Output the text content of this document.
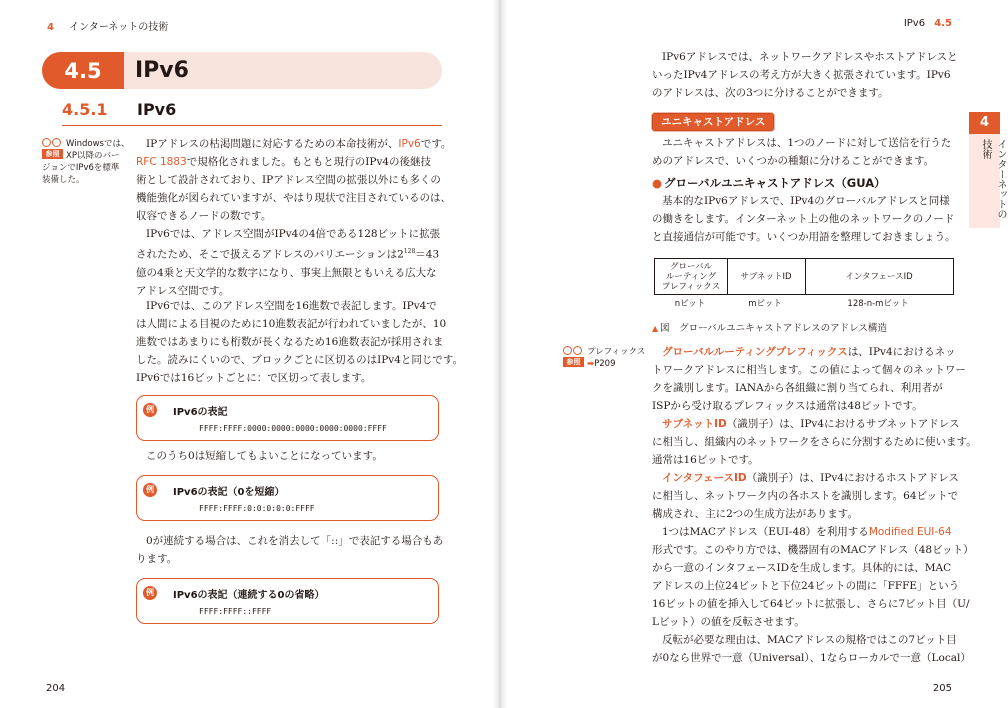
4 インターネットの技術
4.5	IPv6
4.5.1 IPv6
参照
Windowsでは、
XP以降のバー
ジョンでIPv6を標準
装備した。
IPアドレスの枯渇問題に対応するための本命技術が、IPv6です。
RFC 1883で規格化されました。もともと現行のIPv4の後継技
術として設計されており、IPアドレス空間の拡張以外にも多くの
機能強化が図られていますが、やはり現状で注目されているのは、
収容できるノードの数です。
IPv6では、アドレス空間がIPv4の4倍である128ビットに拡張
されたため、そこで扱えるアドレスのバリエーションは$2^{128}=43$
億の4乗と天文学的な数字になり、事実上無限ともいえる広大な
アドレス空間です。
IPv6では、このアドレス空間を16進数で表記します。IPv4で
は人間による目視のために10進数表記が行われていましたが、10
進数ではあまりにも桁数が長くなるため16進数表記が採用されま
した。読みにくいので、ブロックごとに区切るのはIPv4と同じです。
IPv6では16ビットごとに：で区切って表します。
例	IPv6の表記
FFFF:FFFF:0000:0000:0000:0000:0000:FFFF
このうち0は短縮してもよいことになっています。
例	IPv6の表記（0を短縮）
FFFF:FFFF:0:0:0:0:0:FFFF
0が連続する場合は、これを消去して「::」で表記する場合もあ
ります。
例	IPv6の表記（連続する0の省略）
FFFF:FFFF::FFFF
204
IPv6 4.5
4
インターネットの技術
IPv6アドレスでは、ネットワークアドレスやホストアドレスと
いったIPv4アドレスの考え方が大きく拡張されています。IPv6
のアドレスは、次の3つに分けることができます。
ユニキャストアドレス
ユニキャストアドレスは、1つのノードに対して送信を行うた
めのアドレスで、いくつかの種類に分けることができます。
● グローバルユニキャストアドレス（GUA）
基本的なIPv6アドレスで、IPv4のグローバルアドレスと同様
の働きをします。インターネット上の他のネットワークのノード
と直接通信が可能です。いくつか用語を整理しておきましょう。
グローバル
ルーティング
プレフィックス
サブネットID	インタフェースID
nビット	mビット	128-n-mビット
▲ 図　グローバルユニキャストアドレスのアドレス構造
参照
プレフィックス
➡P209
グローバルルーティングプレフィックスは、IPv4におけるネッ
トワークアドレスに相当します。この値によって個々のネットワー
クを識別します。IANAから各組織に割り当てられ、利用者が
ISPから受け取るプレフィックスは通常は48ビットです。
サブネットID（識別子）は、IPv4におけるサブネットアドレス
に相当し、組織内のネットワークをさらに分割するために使います。
通常は16ビットです。
インタフェースID（識別子）は、IPv4におけるホストアドレス
に相当し、ネットワーク内の各ホストを識別します。64ビットで
構成され、主に2つの生成方法があります。
1つはMACアドレス（EUI-48）を利用するModified EUI-64
形式です。このやり方では、機器固有のMACアドレス（48ビット）
から一意のインタフェースIDを生成します。具体的には、MAC
アドレスの上位24ビットと下位24ビットの間に「FFFE」という
16ビットの値を挿入して64ビットに拡張し、さらに7ビット目（U/
Lビット）の値を反転させます。
反転が必要な理由は、MACアドレスの規格ではこの7ビット目
が0なら世界で一意（Universal）、1ならローカルで一意（Local）
205
